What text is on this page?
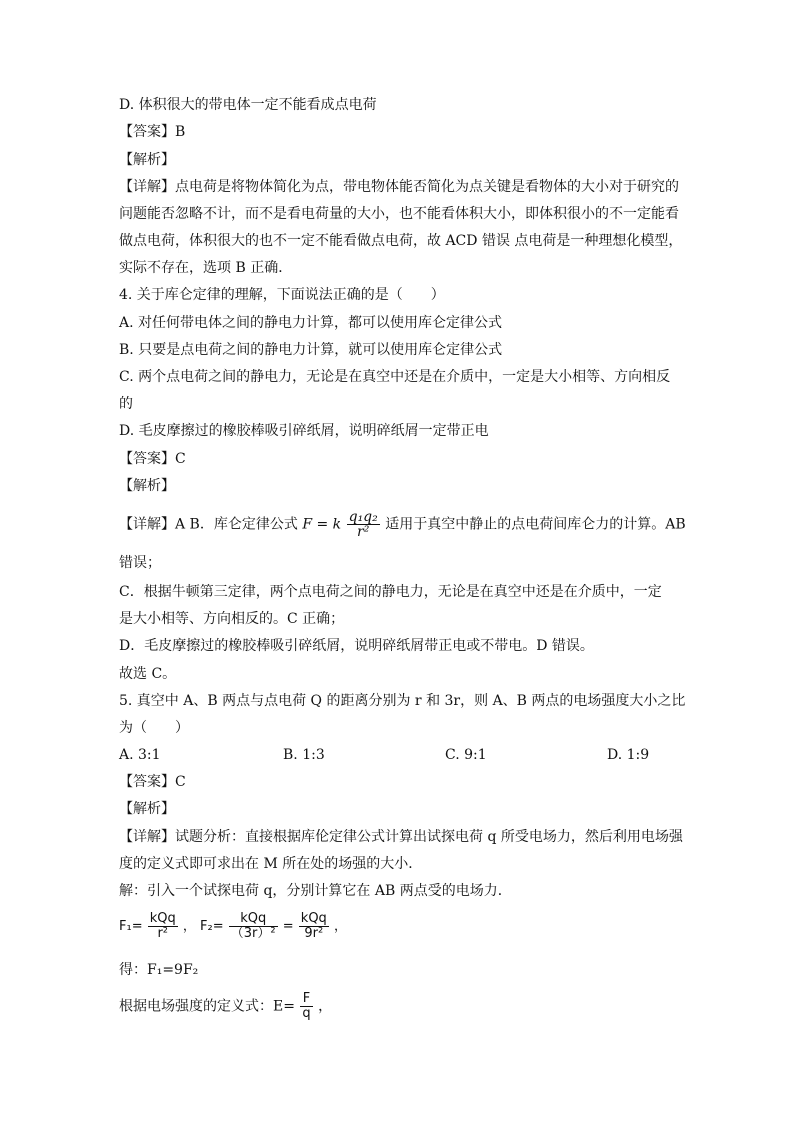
D. 体积很大的带电体一定不能看成点电荷
【答案】B
【解析】
【详解】点电荷是将物体简化为点，带电物体能否简化为点关键是看物体的大小对于研究的
问题能否忽略不计，而不是看电荷量的大小，也不能看体积大小，即体积很小的不一定能看
做点电荷，体积很大的也不一定不能看做点电荷，故 ACD 错误 点电荷是一种理想化模型，
实际不存在，选项 B 正确．
4. 关于库仑定律的理解，下面说法正确的是（　　）
A. 对任何带电体之间的静电力计算，都可以使用库仑定律公式
B. 只要是点电荷之间的静电力计算，就可以使用库仑定律公式
C. 两个点电荷之间的静电力，无论是在真空中还是在介质中，一定是大小相等、方向相反
的
D. 毛皮摩擦过的橡胶棒吸引碎纸屑，说明碎纸屑一定带正电
【答案】C
【解析】
【详解】A B．库仑定律公式 F = k $\frac{\text{q₁q₂}}{\text{r²}}$ 适用于真空中静止的点电荷间库仑力的计算。AB
错误；
C．根据牛顿第三定律，两个点电荷之间的静电力，无论是在真空中还是在介质中，一定
是大小相等、方向相反的。C 正确；
D．毛皮摩擦过的橡胶棒吸引碎纸屑，说明碎纸屑带正电或不带电。D 错误。
故选 C。
5. 真空中 A、B 两点与点电荷 Q 的距离分别为 r 和 3r，则 A、B 两点的电场强度大小之比
为（　　）
A. 3:1	B. 1:3	C. 9:1	D. 1:9
【答案】C
【解析】
【详解】试题分析：直接根据库伦定律公式计算出试探电荷 q 所受电场力，然后利用电场强
度的定义式即可求出在 M 所在处的场强的大小．
解：引入一个试探电荷 q，分别计算它在 AB 两点受的电场力．
$F_1= \frac{\text{kQq}}{\text{r²}}$ ， $F_2= \frac{\text{kQq}}{\text{（3r）²}} = \frac{\text{kQq}}{\text{9r²}}$ ，
得：F₁=9F₂
根据电场强度的定义式：$E= \frac{F}{q}$ ，
